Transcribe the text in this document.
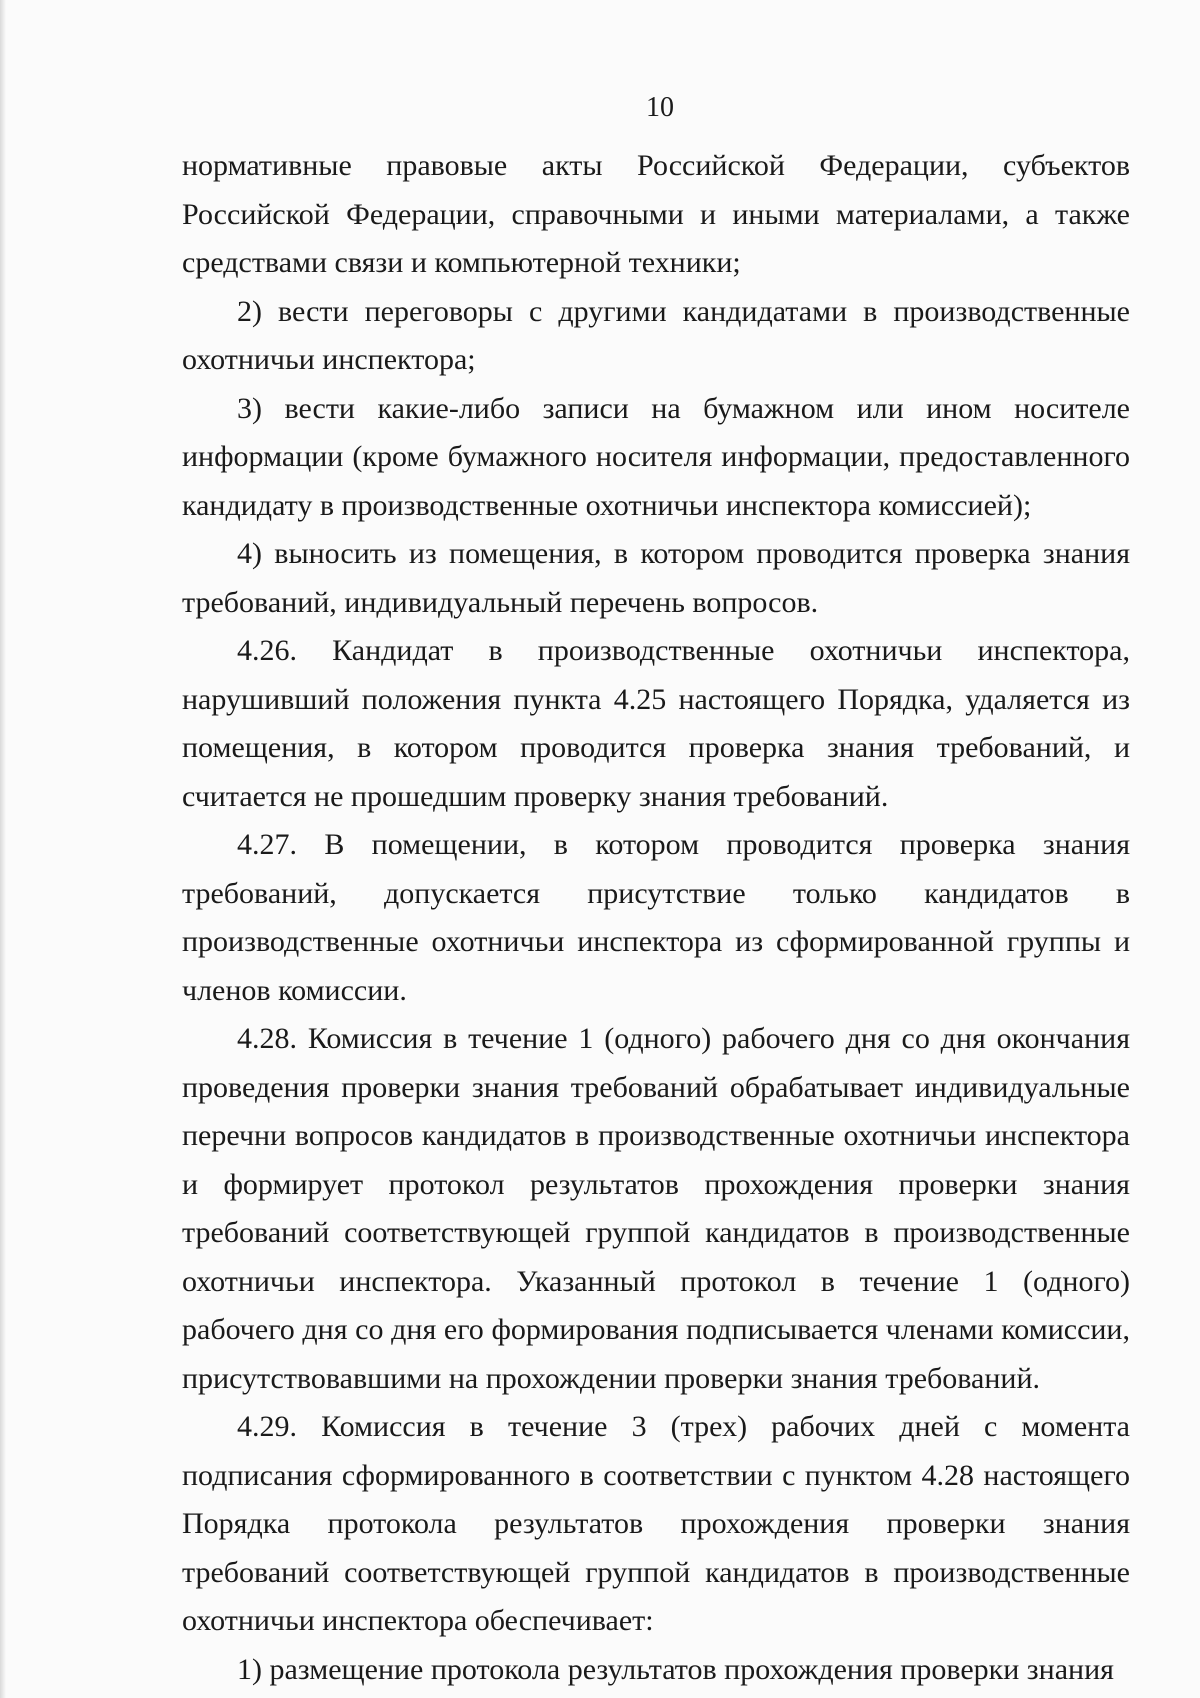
10

нормативные правовые акты Российской Федерации, субъектов Российской Федерации, справочными и иными материалами, а также средствами связи и компьютерной техники;

2) вести переговоры с другими кандидатами в производственные охотничьи инспектора;

3) вести какие-либо записи на бумажном или ином носителе информации (кроме бумажного носителя информации, предоставленного кандидату в производственные охотничьи инспектора комиссией);

4) выносить из помещения, в котором проводится проверка знания требований, индивидуальный перечень вопросов.

4.26. Кандидат в производственные охотничьи инспектора, нарушивший положения пункта 4.25 настоящего Порядка, удаляется из помещения, в котором проводится проверка знания требований, и считается не прошедшим проверку знания требований.

4.27. В помещении, в котором проводится проверка знания требований, допускается присутствие только кандидатов в производственные охотничьи инспектора из сформированной группы и членов комиссии.

4.28. Комиссия в течение 1 (одного) рабочего дня со дня окончания проведения проверки знания требований обрабатывает индивидуальные перечни вопросов кандидатов в производственные охотничьи инспектора и формирует протокол результатов прохождения проверки знания требований соответствующей группой кандидатов в производственные охотничьи инспектора. Указанный протокол в течение 1 (одного) рабочего дня со дня его формирования подписывается членами комиссии, присутствовавшими на прохождении проверки знания требований.

4.29. Комиссия в течение 3 (трех) рабочих дней с момента подписания сформированного в соответствии с пунктом 4.28 настоящего Порядка протокола результатов прохождения проверки знания требований соответствующей группой кандидатов в производственные охотничьи инспектора обеспечивает:

1) размещение протокола результатов прохождения проверки знания
